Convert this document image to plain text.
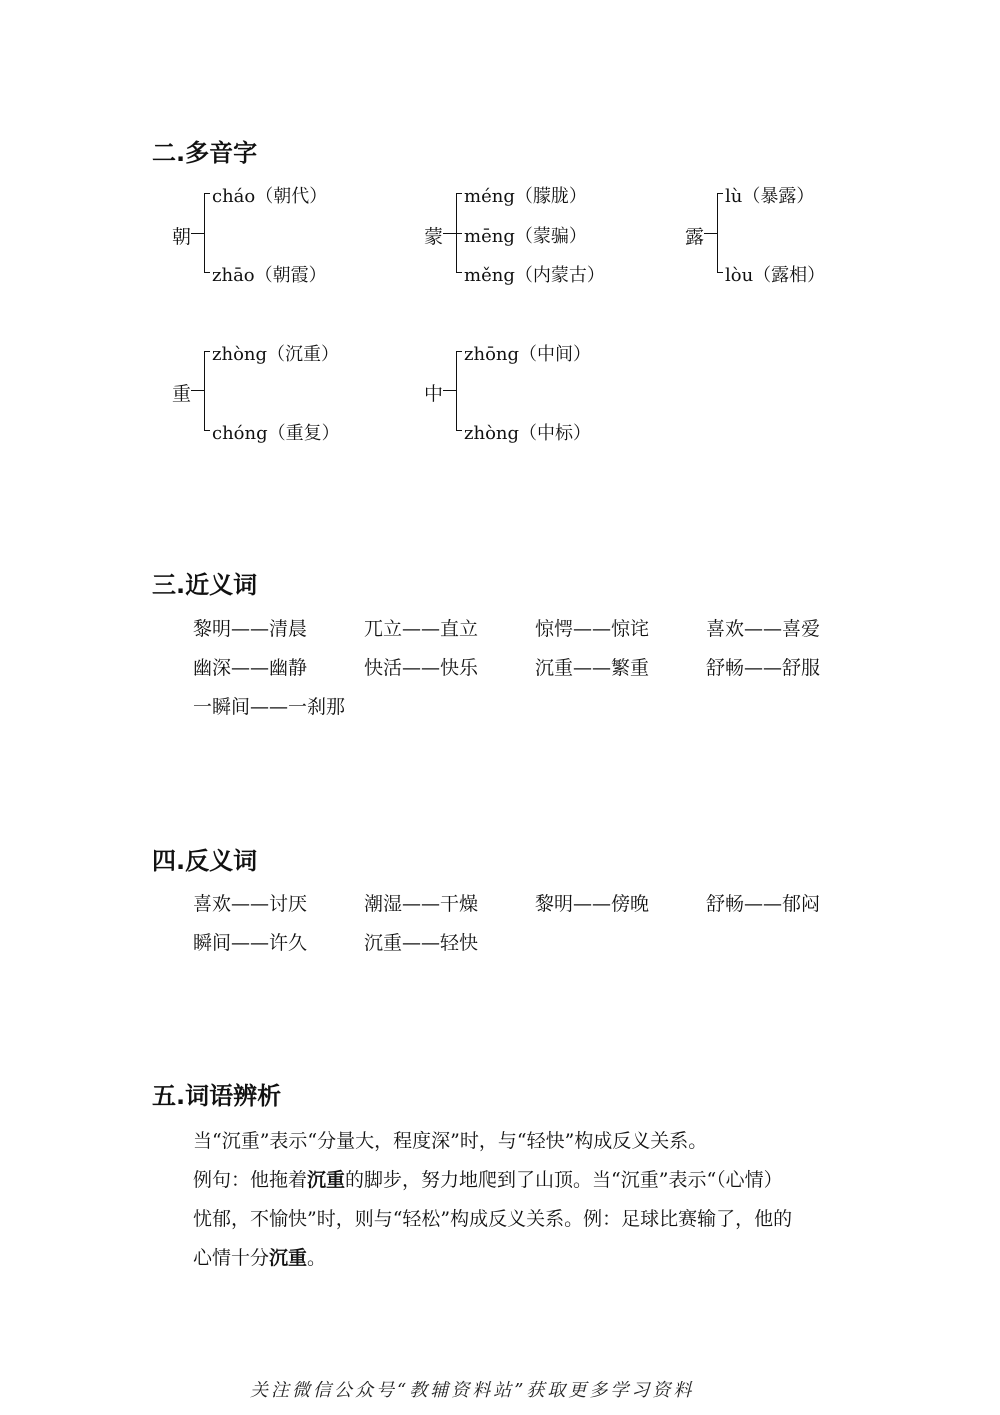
二.多音字
朝
cháo（朝代）
zhāo（朝霞）
蒙
méng（朦胧）
mēng（蒙骗）
měng（内蒙古）
露
lù（暴露）
lòu（露相）
重
zhòng（沉重）
chóng（重复）
中
zhōng（中间）
zhòng（中标）
三.近义词
黎明——清晨	兀立——直立	惊愕——惊诧	喜欢——喜爱
幽深——幽静	快活——快乐	沉重——繁重	舒畅——舒服
一瞬间——一刹那
四.反义词
喜欢——讨厌	潮湿——干燥	黎明——傍晚	舒畅——郁闷
瞬间——许久	沉重——轻快
五.词语辨析
当“沉重”表示“分量大，程度深”时，与“轻快”构成反义关系。
例句：他拖着沉重的脚步，努力地爬到了山顶。当“沉重”表示“（心情）
忧郁，不愉快”时，则与“轻松”构成反义关系。例：足球比赛输了，他的
心情十分沉重。
关注微信公众号“教辅资料站”获取更多学习资料
